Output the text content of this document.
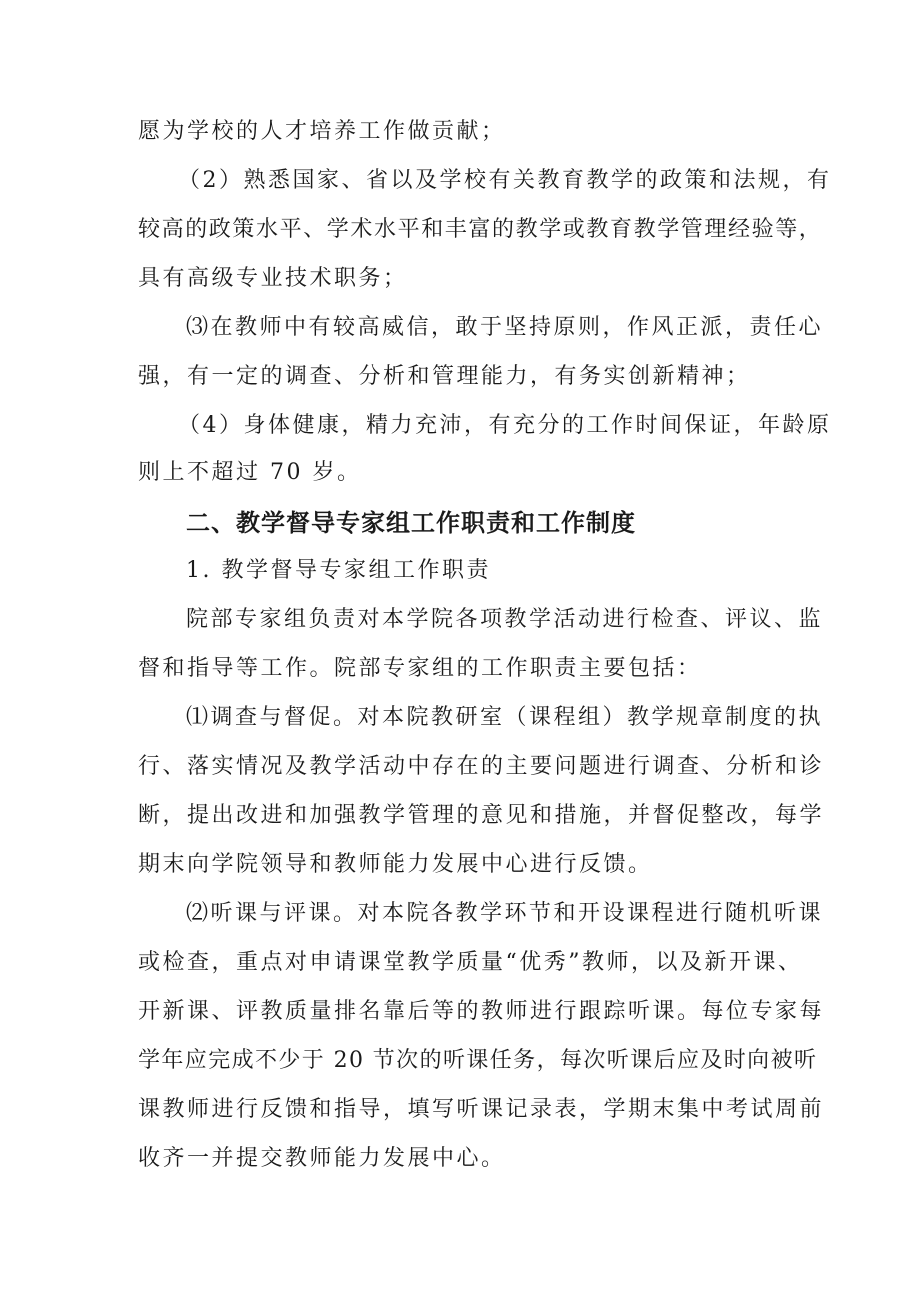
愿为学校的人才培养工作做贡献；
（2）熟悉国家、省以及学校有关教育教学的政策和法规，有
较高的政策水平、学术水平和丰富的教学或教育教学管理经验等，
具有高级专业技术职务；
⑶在教师中有较高威信，敢于坚持原则，作风正派，责任心
强，有一定的调查、分析和管理能力，有务实创新精神；
（4）身体健康，精力充沛，有充分的工作时间保证，年龄原
则上不超过 70 岁。
二、教学督导专家组工作职责和工作制度
1. 教学督导专家组工作职责
院部专家组负责对本学院各项教学活动进行检查、评议、监
督和指导等工作。院部专家组的工作职责主要包括：
⑴调查与督促。对本院教研室（课程组）教学规章制度的执
行、落实情况及教学活动中存在的主要问题进行调查、分析和诊
断，提出改进和加强教学管理的意见和措施，并督促整改，每学
期末向学院领导和教师能力发展中心进行反馈。
⑵听课与评课。对本院各教学环节和开设课程进行随机听课
或检查，重点对申请课堂教学质量“优秀”教师，以及新开课、
开新课、评教质量排名靠后等的教师进行跟踪听课。每位专家每
学年应完成不少于 20 节次的听课任务，每次听课后应及时向被听
课教师进行反馈和指导，填写听课记录表，学期末集中考试周前
收齐一并提交教师能力发展中心。
